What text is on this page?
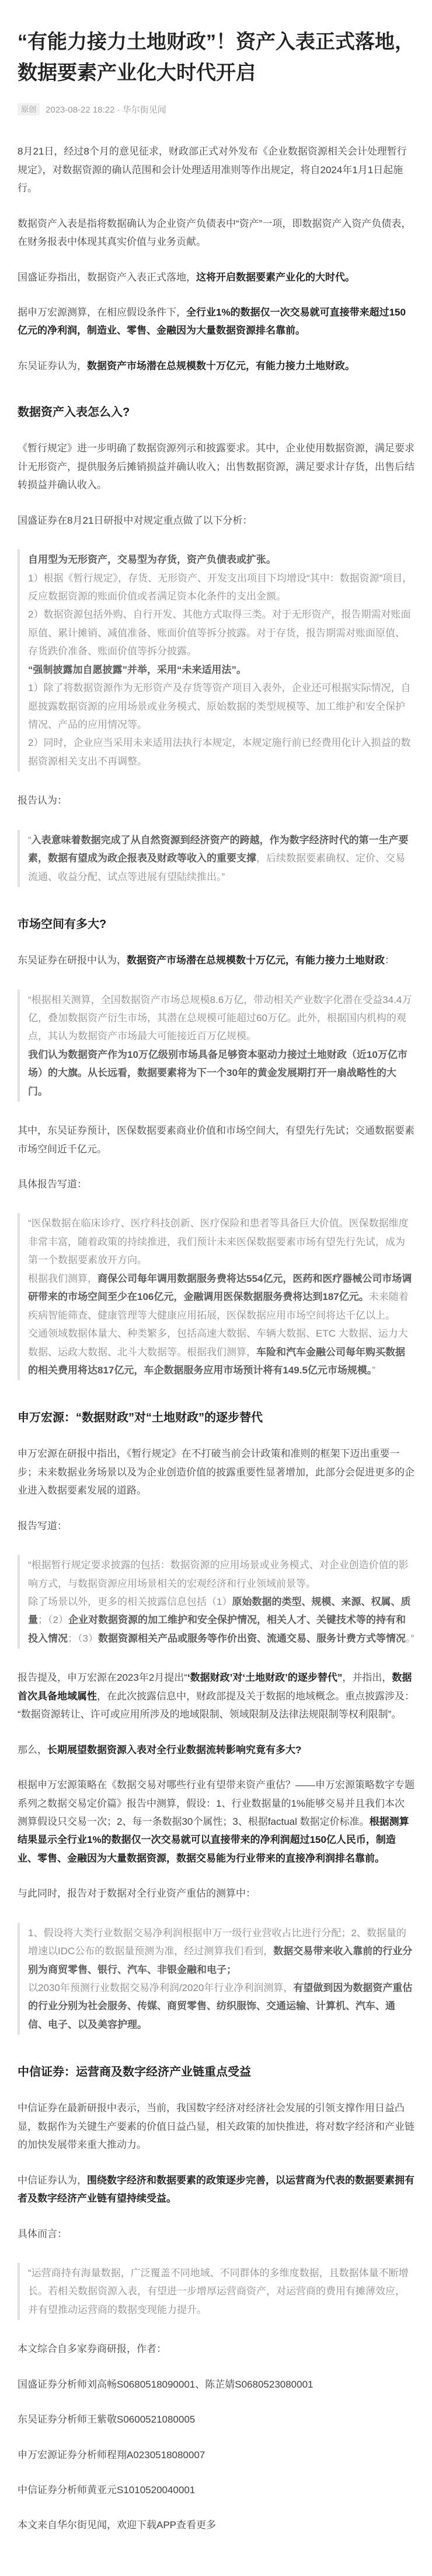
“有能力接力土地财政”！资产入表正式落地，数据要素产业化大时代开启
原创	2023-08-22 18:22 · 华尔街见闻

8月21日，经过8个月的意见征求，财政部正式对外发布《企业数据资源相关会计处理暂行规定》，对数据资源的确认范围和会计处理适用准则等作出规定，将自2024年1月1日起施行。

数据资产入表是指将数据确认为企业资产负债表中“资产”一项，即数据资产入资产负债表，在财务报表中体现其真实价值与业务贡献。

国盛证券指出，数据资产入表正式落地，这将开启数据要素产业化的大时代。

据申万宏源测算，在相应假设条件下，全行业1%的数据仅一次交易就可直接带来超过150亿元的净利润，制造业、零售、金融因为大量数据资源排名靠前。

东吴证券认为，数据资产市场潜在总规模数十万亿元，有能力接力土地财政。

数据资产入表怎么入?

《暂行规定》进一步明确了数据资源列示和披露要求。其中，企业使用数据资源，满足要求计无形资产，提供服务后摊销损益并确认收入；出售数据资源，满足要求计存货，出售后结转损益并确认收入。

国盛证券在8月21日研报中对规定重点做了以下分析：

自用型为无形资产，交易型为存货，资产负债表或扩张。

1）根据《暂行规定》，存货、无形资产、开发支出项目下均增设“其中：数据资源”项目，反应数据资源的账面价值或者满足资本化条件的支出金额。

2）数据资源包括外购、自行开发、其他方式取得三类。对于无形资产，报告期需对账面原值、累计摊销、减值准备、账面价值等拆分披露。对于存货，报告期需对账面原值、存货跌价准备、账面价值等拆分披露。

“强制披露加自愿披露”并举，采用“未来适用法”。

1）除了将数据资源作为无形资产及存货等资产项目入表外，企业还可根据实际情况，自愿披露数据资源的应用场景或业务模式、原始数据的类型规模等、加工维护和安全保护情况、产品的应用情况等。

2）同时，企业应当采用未来适用法执行本规定，本规定施行前已经费用化计入损益的数据资源相关支出不再调整。

报告认为：

“入表意味着数据完成了从自然资源到经济资产的跨越，作为数字经济时代的第一生产要素，数据有望成为政企报表及财政等收入的重要支撑，后续数据要素确权、定价、交易流通、收益分配、试点等进展有望陆续推出。”

市场空间有多大?

东吴证券在研报中认为，数据资产市场潜在总规模数十万亿元，有能力接力土地财政：

“根据相关测算，全国数据资产市场总规模8.6万亿，带动相关产业数字化潜在受益34.4万亿，叠加数据资产衍生市场，其潜在总规模可能超过60万亿。此外，根据国内机构的观点，其认为数据资产市场最大可能接近百万亿规模。

我们认为数据资产作为10万亿级别市场具备足够资本驱动力接过土地财政（近10万亿市场）的大旗。从长远看，数据要素将为下一个30年的黄金发展期打开一扇战略性的大门。

其中，东吴证券预计，医保数据要素商业价值和市场空间大，有望先行先试；交通数据要素市场空间近千亿元。

具体报告写道：

“医保数据在临床诊疗、医疗科技创新、医疗保险和患者等具备巨大价值。医保数据维度非常丰富，随着政策的持续推进，我们预计未来医保数据要素市场有望先行先试，成为第一个数据要素放开方向。

根据我们测算，商保公司每年调用数据服务费将达554亿元，医药和医疗器械公司市场调研带来的市场空间至少在106亿元，金融调用医保数据服务费将达到187亿元。未来随着疾病智能筛查、健康管理等大健康应用拓展，医保数据应用市场空间将达千亿以上。

交通领域数据体量大、种类繁多，包括高速大数据、车辆大数据、ETC 大数据、运力大数据、运政大数据、北斗大数据等。根据我们测算，车险和汽车金融公司每年购买数据的相关费用将达817亿元，车企数据服务应用市场预计将有149.5亿元市场规模。”

申万宏源：“数据财政”对“土地财政”的逐步替代

申万宏源在研报中指出，《暂行规定》在不打破当前会计政策和准则的框架下迈出重要一步；未来数据业务场景以及为企业创造价值的披露重要性显著增加，此部分会促进更多的企业进入数据要素发展的道路。

报告写道：

“根据暂行规定要求披露的包括：数据资源的应用场景或业务模式、对企业创造价值的影响方式，与数据资源应用场景相关的宏观经济和行业领域前景等。

除了场景以外，更多的相关披露信息包括（1）原始数据的类型、规模、来源、权属、质量；（2）企业对数据资源的加工维护和安全保护情况，相关人才、关键技术等的持有和投入情况；（3）数据资源相关产品或服务等作价出资、流通交易、服务计费方式等情况。”

报告提及，申万宏源在2023年2月提出“‘数据财政’对‘土地财政’的逐步替代”，并指出，数据首次具备地域属性，在此次披露信息中，财政部提及关于数据的地域概念。重点披露涉及：“数据资源转让、许可或应用所涉及的地域限制、领域限制及法律法规限制等权利限制”。

那么，长期展望数据资源入表对全行业数据流转影响究竟有多大?

根据申万宏源策略在《数据交易对哪些行业有望带来资产重估？——申万宏源策略数字专题系列之数据交易定价篇》报告中测算，假设：1、行业数据量的1%能够交易并且我们本次测算假设只交易一次；2、每一条数据30个属性；3、根据factual 数据定价标准。根据测算结果显示全行业1%的数据仅一次交易就可以直接带来的净利润超过150亿人民币，制造业、零售、金融因为大量数据资源，数据交易能为行业带来的直接净利润排名靠前。

与此同时，报告对于数据对全行业资产重估的测算中：

1、假设将大类行业数据交易净利润根据申万一级行业营收占比进行分配；2、数据量的增速以IDC公布的数据量预测为准，经过测算我们看到，数据交易带来收入靠前的行业分别为商贸零售、银行、汽车、非银金融和电子；

以2030年预测行业数据交易净利润/2020年行业净利润测算，有望做到因为数据资产重估的行业分别为社会服务、传媒、商贸零售、纺织服饰、交通运输、计算机、汽车、通信、电子、以及美容护理。

中信证券：运营商及数字经济产业链重点受益

中信证券在最新研报中表示，当前，我国数字经济对经济社会发展的引领支撑作用日益凸显，数据作为关键生产要素的价值日益凸显，相关政策的加快推进，将对数字经济和产业链的加快发展带来重大推动力。

中信证券认为，围绕数字经济和数据要素的政策逐步完善，以运营商为代表的数据要素拥有者及数字经济产业链有望持续受益。

具体而言：

“运营商持有海量数据，广泛覆盖不同地域、不同群体的多维度数据，且数据体量不断增长。若相关数据资源入表，有望进一步增厚运营商资产，对运营商的费用有摊薄效应，并有望推动运营商的数据变现能力提升。

本文综合自多家券商研报，作者：

国盛证券分析师刘高畅S0680518090001、陈芷婧S0680523080001

东吴证券分析师王紫敬S0600521080005

申万宏源证券分析师程翔A0230518080007

中信证券分析师黄亚元S1010520040001

本文来自华尔街见闻，欢迎下载APP查看更多
